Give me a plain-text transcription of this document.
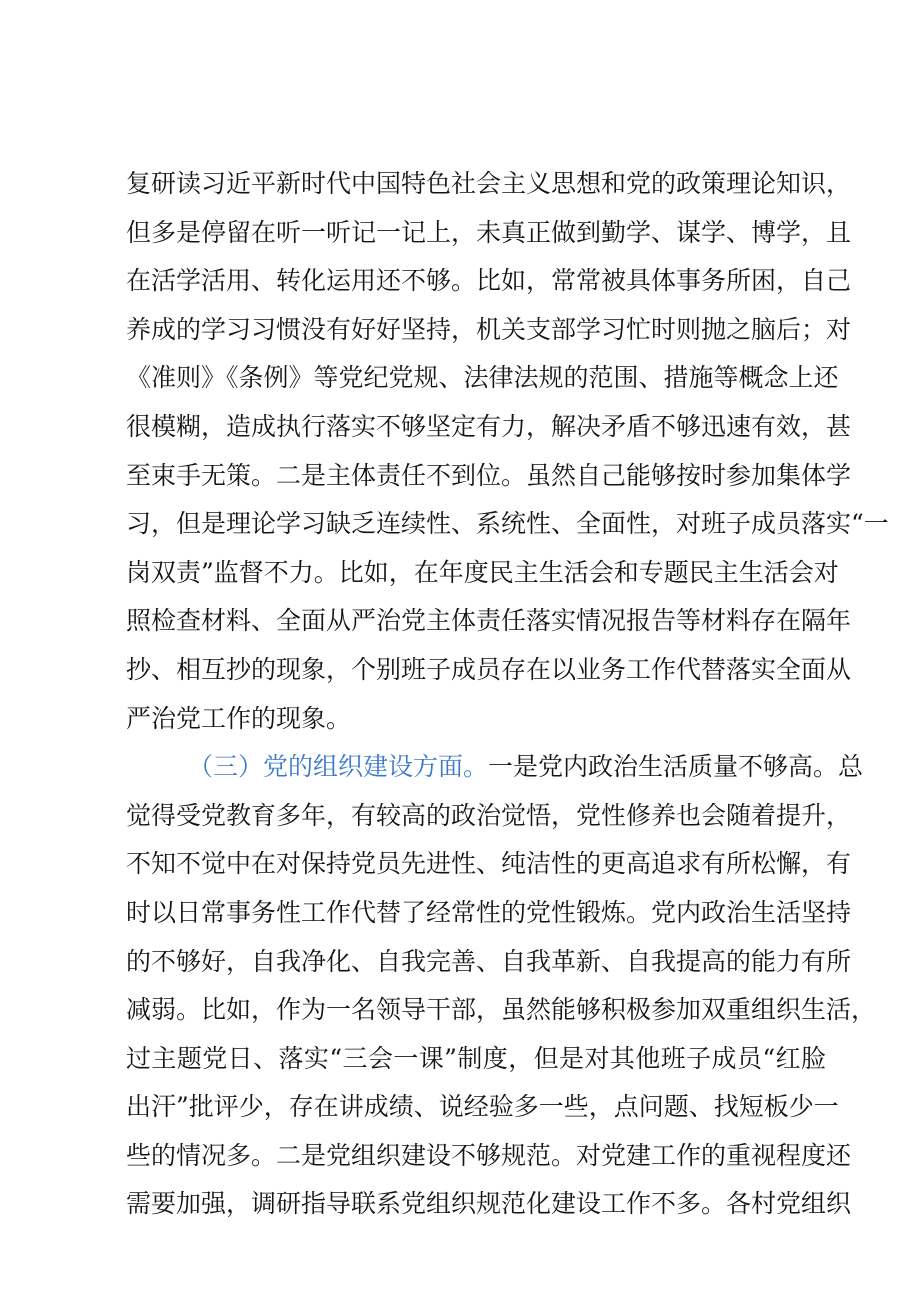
复研读习近平新时代中国特色社会主义思想和党的政策理论知识，
但多是停留在听一听记一记上，未真正做到勤学、谋学、博学，且
在活学活用、转化运用还不够。比如，常常被具体事务所困，自己
养成的学习习惯没有好好坚持，机关支部学习忙时则抛之脑后；对
《准则》《条例》等党纪党规、法律法规的范围、措施等概念上还
很模糊，造成执行落实不够坚定有力，解决矛盾不够迅速有效，甚
至束手无策。二是主体责任不到位。虽然自己能够按时参加集体学
习，但是理论学习缺乏连续性、系统性、全面性，对班子成员落实“一
岗双责”监督不力。比如，在年度民主生活会和专题民主生活会对
照检查材料、全面从严治党主体责任落实情况报告等材料存在隔年
抄、相互抄的现象，个别班子成员存在以业务工作代替落实全面从
严治党工作的现象。
（三）党的组织建设方面。一是党内政治生活质量不够高。总
觉得受党教育多年，有较高的政治觉悟，党性修养也会随着提升，
不知不觉中在对保持党员先进性、纯洁性的更高追求有所松懈，有
时以日常事务性工作代替了经常性的党性锻炼。党内政治生活坚持
的不够好，自我净化、自我完善、自我革新、自我提高的能力有所
减弱。比如，作为一名领导干部，虽然能够积极参加双重组织生活，
过主题党日、落实“三会一课”制度，但是对其他班子成员“红脸
出汗”批评少，存在讲成绩、说经验多一些，点问题、找短板少一
些的情况多。二是党组织建设不够规范。对党建工作的重视程度还
需要加强，调研指导联系党组织规范化建设工作不多。各村党组织
